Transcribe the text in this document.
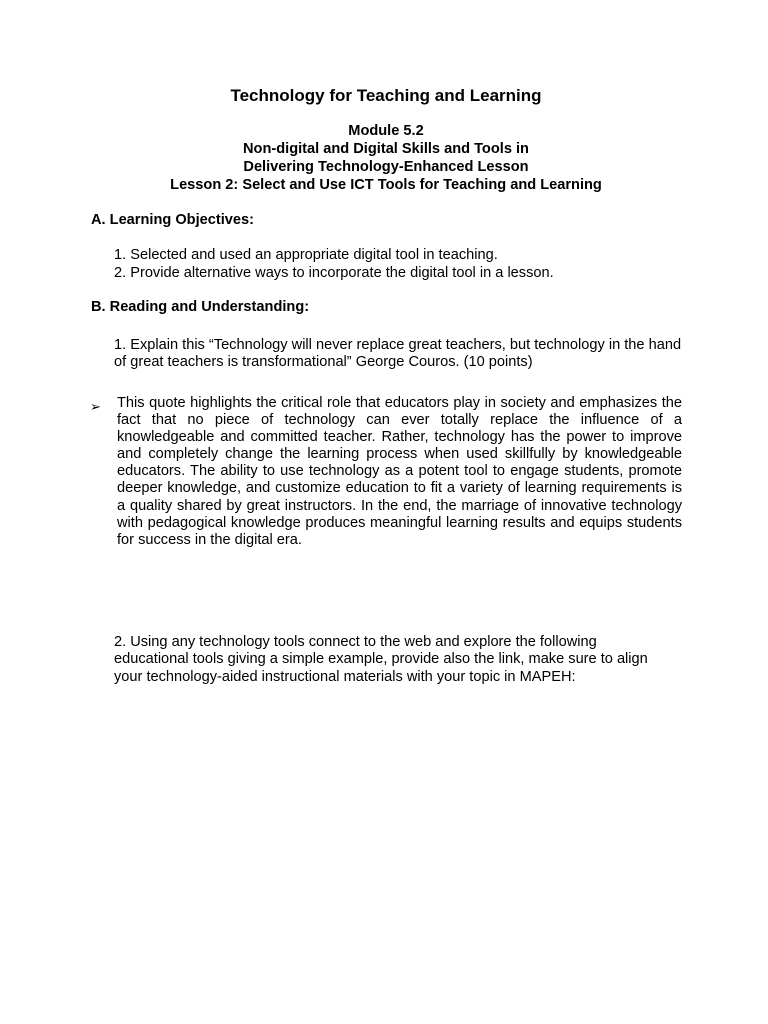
Technology for Teaching and Learning
Module 5.2
Non-digital and Digital Skills and Tools in
Delivering Technology-Enhanced Lesson
Lesson 2: Select and Use ICT Tools for Teaching and Learning
A. Learning Objectives:
1. Selected and used an appropriate digital tool in teaching.
2. Provide alternative ways to incorporate the digital tool in a lesson.
B. Reading and Understanding:
1. Explain this “Technology will never replace great teachers, but technology in the hand of great teachers is transformational” George Couros. (10 points)
➢ This quote highlights the critical role that educators play in society and emphasizes the fact that no piece of technology can ever totally replace the influence of a knowledgeable and committed teacher. Rather, technology has the power to improve and completely change the learning process when used skillfully by knowledgeable educators. The ability to use technology as a potent tool to engage students, promote deeper knowledge, and customize education to fit a variety of learning requirements is a quality shared by great instructors. In the end, the marriage of innovative technology with pedagogical knowledge produces meaningful learning results and equips students for success in the digital era.
2. Using any technology tools connect to the web and explore the following educational tools giving a simple example, provide also the link, make sure to align your technology-aided instructional materials with your topic in MAPEH:
